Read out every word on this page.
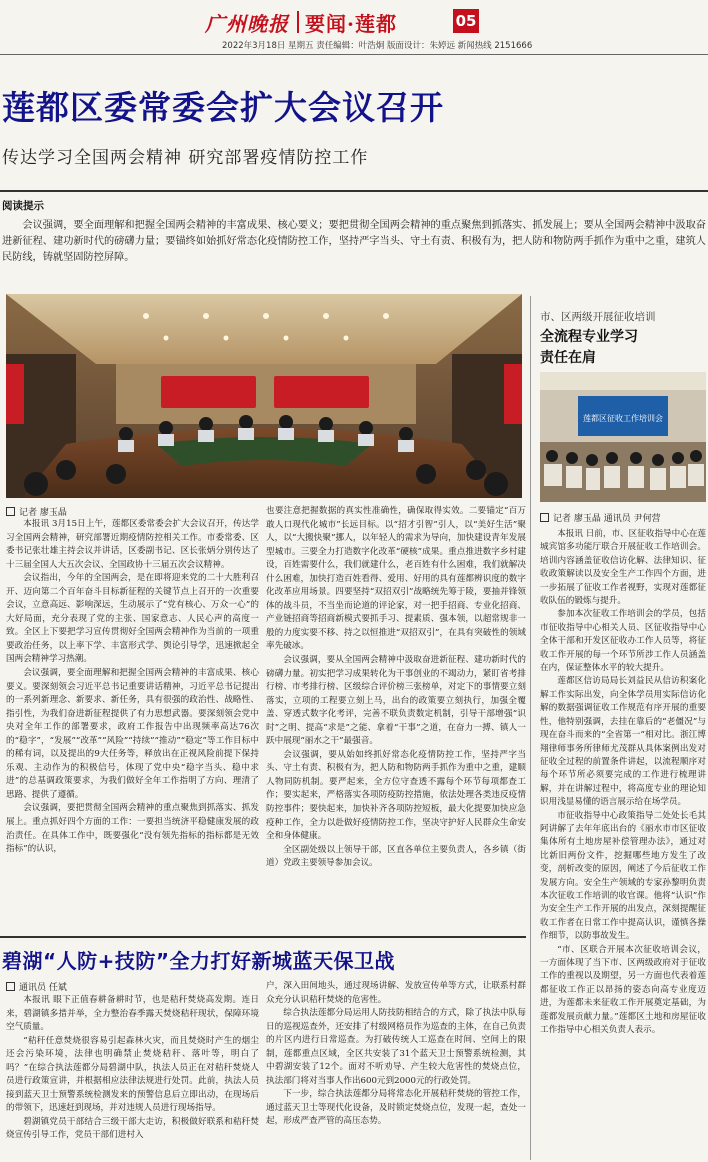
广州晚报 要闻·莲都	05
2022年3月18日 星期五 责任编辑：叶浩炯 版面设计：朱婷远 新闻热线 2151666
莲都区委常委会扩大会议召开
传达学习全国两会精神 研究部署疫情防控工作
阅读提示
会议强调，要全面理解和把握全国两会精神的丰富成果、核心要义；要把贯彻全国两会精神的重点聚焦到抓落实、抓发展上；要从全国两会精神中汲取奋进新征程、建功新时代的磅礴力量；要锚终如始抓好常态化疫情防控工作，坚持严字当头、守土有责、积极有为，把人防和物防两手抓作为重中之重，建筑人民防线，铸就坚固防控屏障。
市、区两级开展征收培训
全流程专业学习
责任在肩
莲都区征收工作培训会
记者 廖玉晶 通讯员 尹何营

本报讯 日前，市、区征收指导中心在莲城宾馆多功能厅联合开展征收工作培训会。培训内容涵盖征收信访化解、法律知识、征收政策解读以及安全生产工作四个方面，进一步拓展了征收工作者视野，实现对莲都征收队伍的锻炼与提升。

参加本次征收工作培训会的学员，包括市征收指导中心相关人员、区征收指导中心全体干部和开发区征收办工作人员等，将征收工作开展的每一个环节所涉工作人员涵盖在内，保证整体水平的较大提升。

莲都区信访局局长刘益民从信访积案化解工作实际出发，向全体学员用实际信访化解的数据强调征收工作规范有序开展的重要性，他特别强调，去挂在靠后的“老僵况”与现在奋斗而来的“全省第一”相对比。浙江博翔律师事务所律师尤茂群从具体案例出发对征收全过程的前置条件讲起，以流程顺序对每个环节所必须要完成的工作进行梳理讲解，并在讲解过程中，将高度专业的理论知识用浅显易懂的语言展示给在场学员。

市征收指导中心政策指导二处处长毛其阿讲解了去年年底出台的《丽水市市区征收集体所有土地房屋补偿管理办法》，通过对比新旧两份文件，挖掘哪些地方发生了改变，剖析改变的原因，阐述了今后征收工作发展方向。安全生产领域的专家孙黎明负责本次征收工作培训的收官课。他将“认识”作为安全生产工作开展的出发点，深刻提醒征收工作者在日常工作中提高认识，谨慎各操作细节，以防事故发生。

“市、区联合开展本次征收培训会议，一方面体现了当下市、区两级政府对于征收工作的重视以及期望，另一方面也代表着莲都征收工作正以昂扬的姿态向高专业度迈进，为莲都未来征收工作开展奠定基础，为莲都发展贡献力量。”莲都区土地和房屋征收工作指导中心相关负责人表示。

记者 廖玉晶

本报讯 3月15日上午，莲都区委常委会扩大会议召开，传达学习全国两会精神，研究部署近期疫情防控相关工作。市委常委、区委书记张壮雄主持会议并讲话，区委副书记、区长张炳分别传达了十三届全国人大五次会议、全国政协十三届五次会议精神。

会议指出，今年的全国两会，是在即将迎来党的二十大胜利召开、迈向第二个百年奋斗目标新征程的关键节点上召开的一次重要会议，立意高远、影响深远，生动展示了“党有核心、万众一心”的大好局面，充分表现了党的主张、国家意志、人民心声的高度一致。全区上下要把学习宣传贯彻好全国两会精神作为当前的一项重要政治任务，以上率下学、丰富形式学、舆论引导学，迅速掀起全国两会精神学习热潮。

会议强调，要全面理解和把握全国两会精神的丰富成果、核心要义。要深刻领会习近平总书记重要讲话精神，习近平总书记提出的一系列新理念、新要求、新任务，具有很强的政治性、战略性、指引性，为我们奋进新征程提供了有力思想武器。要深刻领会党中央对全年工作的部署要求，政府工作报告中出现频率高达76次的“稳字”，“发展”“改革”“风险”“持续”“推动”“稳定”等工作目标中的稀有词，以及提出的9大任务等，释放出在正视风险前提下保持乐观、主动作为的积极信号，体现了党中央“稳字当头、稳中求进”的总基调政策要求，为我们做好全年工作指明了方向、理清了思路、提供了遵循。

会议强调，要把贯彻全国两会精神的重点聚焦到抓落实、抓发展上。重点抓好四个方面的工作：一要担当统济平稳健康发展的政治责任。在具体工作中，既要强化“没有领先指标的指标都是无效指标”的认识，

也要注意把握数据的真实性准确性，确保取得实效。二要锚定“百万敢人口现代化城市”长远目标。以“招才引智”引人，以“美好生活”聚人，以“大搬快聚”挪人，以年轻人的需求为导向，加快建设青年发展型城市。三要全力打造数字化改革“硬核”成果。重点推进数字乡村建设，百姓需要什么，我们就建什么，老百姓有什么困难，我们就解决什么困难，加快打造百姓看得、爱用、好用的具有莲都辨识度的数字化改革应用场景。四要坚持“双招双引”战略统先筹于陵，要抽并锋领体的战斗员，不当坐而论道的评论家，对一把手招商、专业化招商、产业链招商等招商新模式要抓手习、提素质、强本领，以超常规非一般的力度实要不移、持之以恒推进“双招双引”，在具有突破性的领域率先破冰。

会议强调，要从全国两会精神中汲取奋进新征程、建功新时代的磅礴力量。初实把学习成果转化为干事创业的不竭动力，紧盯省考排行榜、市考排行榜、区级综合评价榜三张榜单，对定下的事情要立刻落实，立项的工程要立刻上马，出台的政策要立刻执行，加强全覆盖、穿透式数字化考评，完善不联负责数定机制，引导干部增强“识时”之明、提高“求是”之能、拿着“干事”之道，在奋力一搏、镇人一跃中展现“丽水之干”最强音。

会议强调，要从始如终抓好常态化疫情防控工作，坚持严字当头、守土有责、积极有为，把人防和物防两手抓作为重中之重，建顺人物同防机制。要严起来，全方位守查透不露每个环节每项都查工作；要实起来，严格落实各项防疫防控措施，依法处理各类违反疫情防控事件；要快起来，加快补齐各项防控短板，最大化提要加快应急疫种工作，全力以赴做好疫情防控工作，坚决守护好人民群众生命安全和身体健康。

全区副处级以上领导干部，区直各单位主要负责人，各乡镇（街道）党政主要领导参加会议。

碧湖“人防+技防”全力打好新城蓝天保卫战
通讯员 任斌

本报讯 眼下正值春耕备耕时节，也是秸秆焚烧高发期。连日来，碧湖镇多措并举，全力整治春季露天焚烧秸秆现状，保障环境空气质量。

“秸秆任意焚烧很容易引起森林火灾，而且焚烧时产生的烟尘还会污染环境，法律也明确禁止焚烧秸秆、落叶等，明白了吗？”在综合执法莲都分局碧湖中队，执法人员正在对秸秆焚烧人员进行政策宣讲，并根据相应法律法规进行处罚。此前，执法人员接到蓝天卫士预警系统检测发来的预警信息后立即出动，在现场后的带领下，迅速赶到现场，并对违规人员进行现场指导。

碧湖镇党员干部结合三级干部大走访，积极做好联系和秸秆焚烧宣传引导工作，党员干部们进村入

户，深入田间地头，通过现场讲解、发放宣传单等方式，让联系村群众充分认识秸秆焚烧的危害性。

综合执法莲都分局运用人防技防相结合的方式，除了执法中队每日的巡视巡查外，还安排了村级网格员作为巡查的主体，在自己负责的片区内进行日常巡查。为打破传统人工巡查在时间、空间上的限制，莲都重点区域，全区共安装了31个蓝天卫士预警系统检测，其中碧湖安装了12个。面对不听劝导、产生较大危害性的焚烧点位，执法部门将对当事人作出600元到2000元的行政处罚。

下一步，综合执法莲都分局将常态化开展秸秆焚烧的管控工作，通过蓝天卫士等现代化设备，及时锁定焚烧点位，发现一起，查处一起，形成严查严管的高压态势。
